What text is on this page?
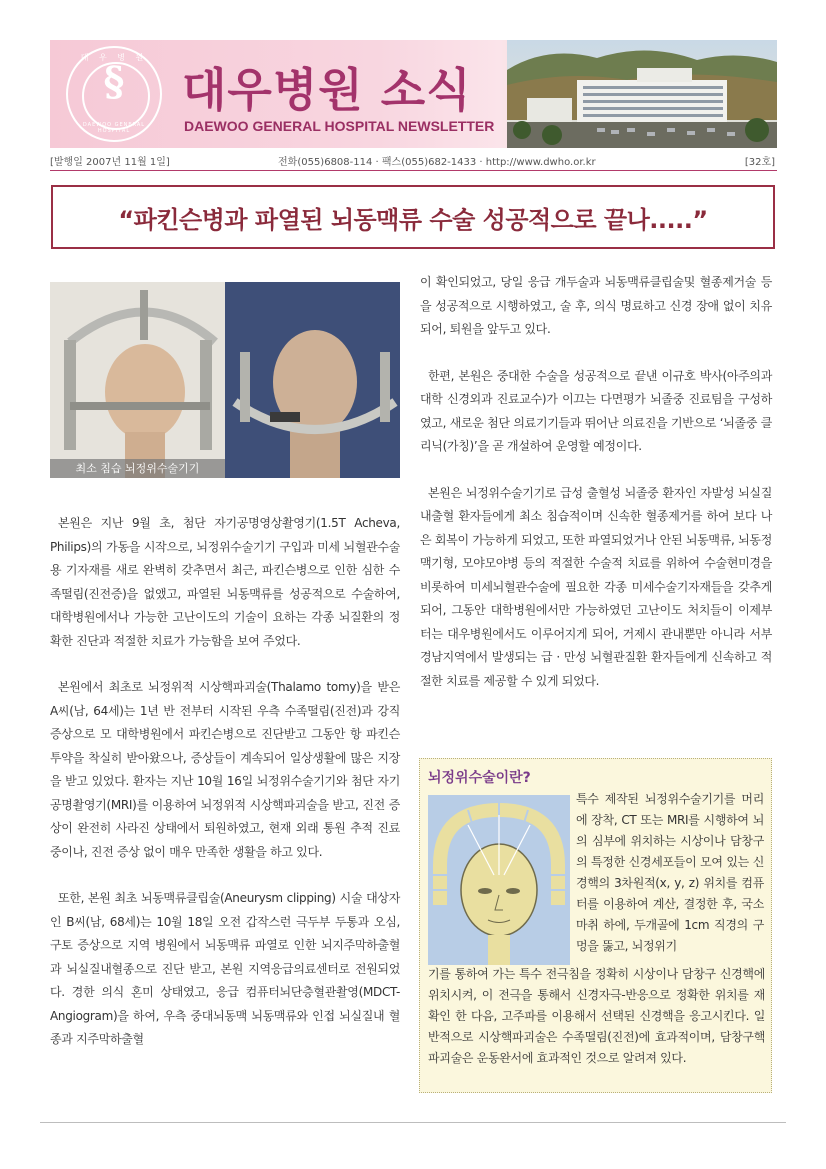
대 우 병 원
§
DAEWOO GENERAL HOSPITAL
대우병원 소식
DAEWOO GENERAL HOSPITAL NEWSLETTER
[발행일 2007년 11월 1일]	전화(055)6808-114 · 팩스(055)682-1433 · http://www.dwho.or.kr	[32호]
“파킨슨병과 파열된 뇌동맥류 수술 성공적으로 끝나.....”
최소 침습 뇌정위수술기기

본원은 지난 9월 초, 첨단 자기공명영상촬영기(1.5T Acheva, Philips)의 가동을 시작으로, 뇌정위수술기기 구입과 미세 뇌혈관수술용 기자재를 새로 완벽히 갖추면서 최근, 파킨슨병으로 인한 심한 수족떨림(진전증)을 없앴고, 파열된 뇌동맥류를 성공적으로 수술하여, 대학병원에서나 가능한 고난이도의 기술이 요하는 각종 뇌질환의 정확한 진단과 적절한 치료가 가능함을 보여 주었다.

본원에서 최초로 뇌정위적 시상핵파괴술(Thalamo tomy)을 받은 A씨(남, 64세)는 1년 반 전부터 시작된 우측 수족떨림(진전)과 강직증상으로 모 대학병원에서 파킨슨병으로 진단받고 그동안 항 파킨슨 투약을 착실히 받아왔으나, 증상들이 계속되어 일상생활에 많은 지장을 받고 있었다. 환자는 지난 10월 16일 뇌정위수술기기와 첨단 자기공명촬영기(MRI)를 이용하여 뇌정위적 시상핵파괴술을 받고, 진전 증상이 완전히 사라진 상태에서 퇴원하였고, 현재 외래 통원 추적 진료 중이나, 진전 증상 없이 매우 만족한 생활을 하고 있다.

또한, 본원 최초 뇌동맥류클립술(Aneurysm clipping) 시술 대상자인 B씨(남, 68세)는 10월 18일 오전 갑작스런 극두부 두통과 오심, 구토 증상으로 지역 병원에서 뇌동맥류 파열로 인한 뇌지주막하출혈과 뇌실질내혈종으로 진단 받고, 본원 지역응급의료센터로 전원되었다. 경한 의식 혼미 상태였고, 응급 컴퓨터뇌단층혈관촬영(MDCT-Angiogram)을 하여, 우측 중대뇌동맥 뇌동맥류와 인접 뇌실질내 혈종과 지주막하출혈

이 확인되었고, 당일 응급 개두술과 뇌동맥류클립술및 혈종제거술 등을 성공적으로 시행하였고, 술 후, 의식 명료하고 신경 장애 없이 치유되어, 퇴원을 앞두고 있다.

한편, 본원은 중대한 수술을 성공적으로 끝낸 이규호 박사(아주의과대학 신경외과 진료교수)가 이끄는 다면평가 뇌졸중 진료팀을 구성하였고, 새로운 첨단 의료기기들과 뛰어난 의료진을 기반으로 ‘뇌졸중 클리닉(가칭)’을 곧 개설하여 운영할 예정이다.

본원은 뇌정위수술기기로 급성 출혈성 뇌졸중 환자인 자발성 뇌실질내출혈 환자들에게 최소 침습적이며 신속한 혈종제거를 하여 보다 나은 회복이 가능하게 되었고, 또한 파열되었거나 안된 뇌동맥류, 뇌동정맥기형, 모야모야병 등의 적절한 수술적 치료를 위하여 수술현미경을 비롯하여 미세뇌혈관수술에 필요한 각종 미세수술기자재들을 갖추게 되어, 그동안 대학병원에서만 가능하였던 고난이도 처치들이 이제부터는 대우병원에서도 이루어지게 되어, 거제시 관내뿐만 아니라 서부경남지역에서 발생되는 급 · 만성 뇌혈관질환 환자들에게 신속하고 적절한 치료를 제공할 수 있게 되었다.

뇌정위수술이란?
특수 제작된 뇌정위수술기기를 머리에 장착, CT 또는 MRI를 시행하여 뇌의 심부에 위치하는 시상이나 담창구의 특정한 신경세포들이 모여 있는 신경핵의 3차원적(x, y, z) 위치를 컴퓨터를 이용하여 계산, 결정한 후, 국소마취 하에, 두개골에 1cm 직경의 구멍을 뚫고, 뇌정위기
기를 통하여 가는 특수 전극침을 정확히 시상이나 담창구 신경핵에 위치시켜, 이 전극을 통해서 신경자극-반응으로 정확한 위치를 재확인 한 다음, 고주파를 이용해서 선택된 신경핵을 응고시킨다. 일반적으로 시상핵파괴술은 수족떨림(진전)에 효과적이며, 담창구핵파괴술은 운동완서에 효과적인 것으로 알려져 있다.
